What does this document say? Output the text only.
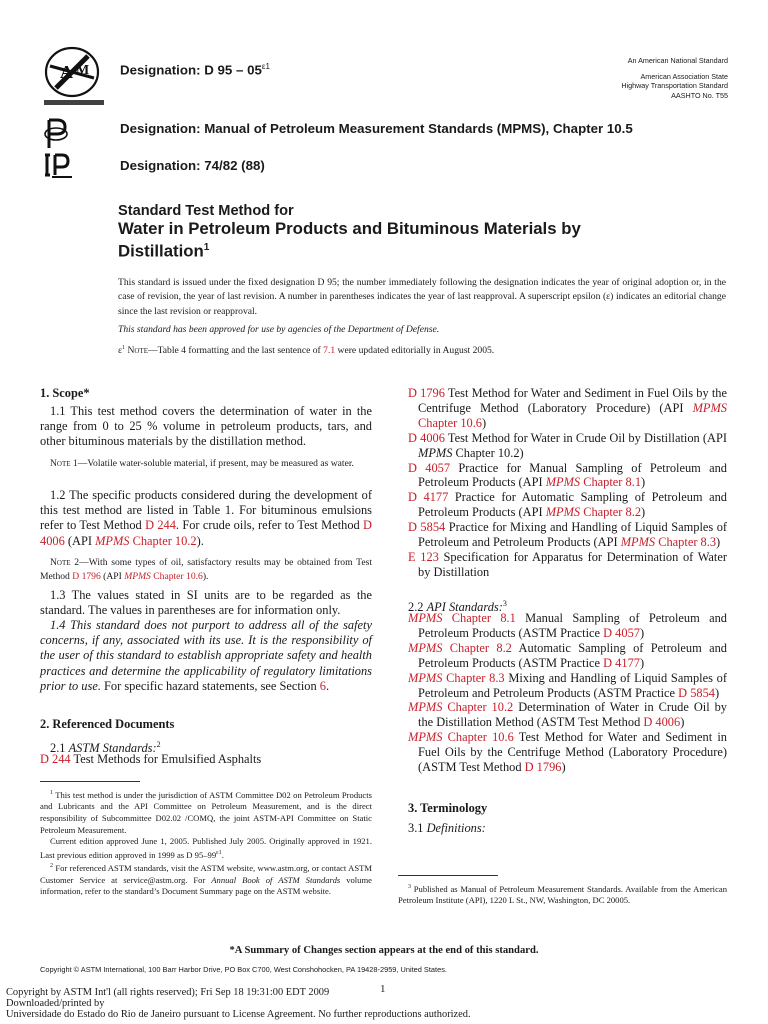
A M Designation: D $95 - 05^{\varepsilon 1}$
An American National Standard
American Association State
Highway Transportation Standard
AASHTO No. T55
Designation: Manual of Petroleum Measurement Standards (MPMS), Chapter 10.5
Designation: 74/82 (88)
Standard Test Method for
Water in Petroleum Products and Bituminous Materials by
Distillation$^1$
This standard is issued under the fixed designation D 95; the number immediately following the designation indicates the year of original adoption or, in the case of revision, the year of last revision. A number in parentheses indicates the year of last reapproval. A superscript epsilon (ε) indicates an editorial change since the last revision or reapproval.
This standard has been approved for use by agencies of the Department of Defense.
$\varepsilon^1$ Note—Table 4 formatting and the last sentence of 7.1 were updated editorially in August 2005.
1. Scope*
1.1 This test method covers the determination of water in the range from 0 to 25 % volume in petroleum products, tars, and other bituminous materials by the distillation method.
Note 1—Volatile water-soluble material, if present, may be measured as water.
1.2 The specific products considered during the development of this test method are listed in Table 1. For bituminous emulsions refer to Test Method D 244. For crude oils, refer to Test Method D 4006 (API MPMS Chapter 10.2).
Note 2—With some types of oil, satisfactory results may be obtained from Test Method D 1796 (API MPMS Chapter 10.6).
1.3 The values stated in SI units are to be regarded as the standard. The values in parentheses are for information only.
1.4 This standard does not purport to address all of the safety concerns, if any, associated with its use. It is the responsibility of the user of this standard to establish appropriate safety and health practices and determine the applicability of regulatory limitations prior to use. For specific hazard statements, see Section 6.
2. Referenced Documents
2.1 ASTM Standards:$^2$
D 244 Test Methods for Emulsified Asphalts
$^1$ This test method is under the jurisdiction of ASTM Committee D02 on Petroleum Products and Lubricants and the API Committee on Petroleum Measurement, and is the direct responsibility of Subcommittee D02.02 /COMQ, the joint ASTM-API Committee on Static Petroleum Measurement.
Current edition approved June 1, 2005. Published July 2005. Originally approved in 1921. Last previous edition approved in 1999 as D $95-99^{\varepsilon 1}$.
$^2$ For referenced ASTM standards, visit the ASTM website, www.astm.org, or contact ASTM Customer Service at service@astm.org. For Annual Book of ASTM Standards volume information, refer to the standard’s Document Summary page on the ASTM website.
D 1796 Test Method for Water and Sediment in Fuel Oils by the Centrifuge Method (Laboratory Procedure) (API MPMS Chapter 10.6)
D 4006 Test Method for Water in Crude Oil by Distillation (API MPMS Chapter 10.2)
D 4057 Practice for Manual Sampling of Petroleum and Petroleum Products (API MPMS Chapter 8.1)
D 4177 Practice for Automatic Sampling of Petroleum and Petroleum Products (API MPMS Chapter 8.2)
D 5854 Practice for Mixing and Handling of Liquid Samples of Petroleum and Petroleum Products (API MPMS Chapter 8.3)
E 123 Specification for Apparatus for Determination of Water by Distillation
2.2 API Standards:$^3$
MPMS Chapter 8.1 Manual Sampling of Petroleum and Petroleum Products (ASTM Practice D 4057)
MPMS Chapter 8.2 Automatic Sampling of Petroleum and Petroleum Products (ASTM Practice D 4177)
MPMS Chapter 8.3 Mixing and Handling of Liquid Samples of Petroleum and Petroleum Products (ASTM Practice D 5854)
MPMS Chapter 10.2 Determination of Water in Crude Oil by the Distillation Method (ASTM Test Method D 4006)
MPMS Chapter 10.6 Test Method for Water and Sediment in Fuel Oils by the Centrifuge Method (Laboratory Procedure) (ASTM Test Method D 1796)
3. Terminology
3.1 Definitions:
$^3$ Published as Manual of Petroleum Measurement Standards. Available from the American Petroleum Institute (API), 1220 L St., NW, Washington, DC 20005.
*A Summary of Changes section appears at the end of this standard.
Copyright © ASTM International, 100 Barr Harbor Drive, PO Box C700, West Conshohocken, PA 19428-2959, United States.
1
Copyright by ASTM Int'l (all rights reserved); Fri Sep 18 19:31:00 EDT 2009
Downloaded/printed by
Universidade do Estado do Rio de Janeiro pursuant to License Agreement. No further reproductions authorized.
